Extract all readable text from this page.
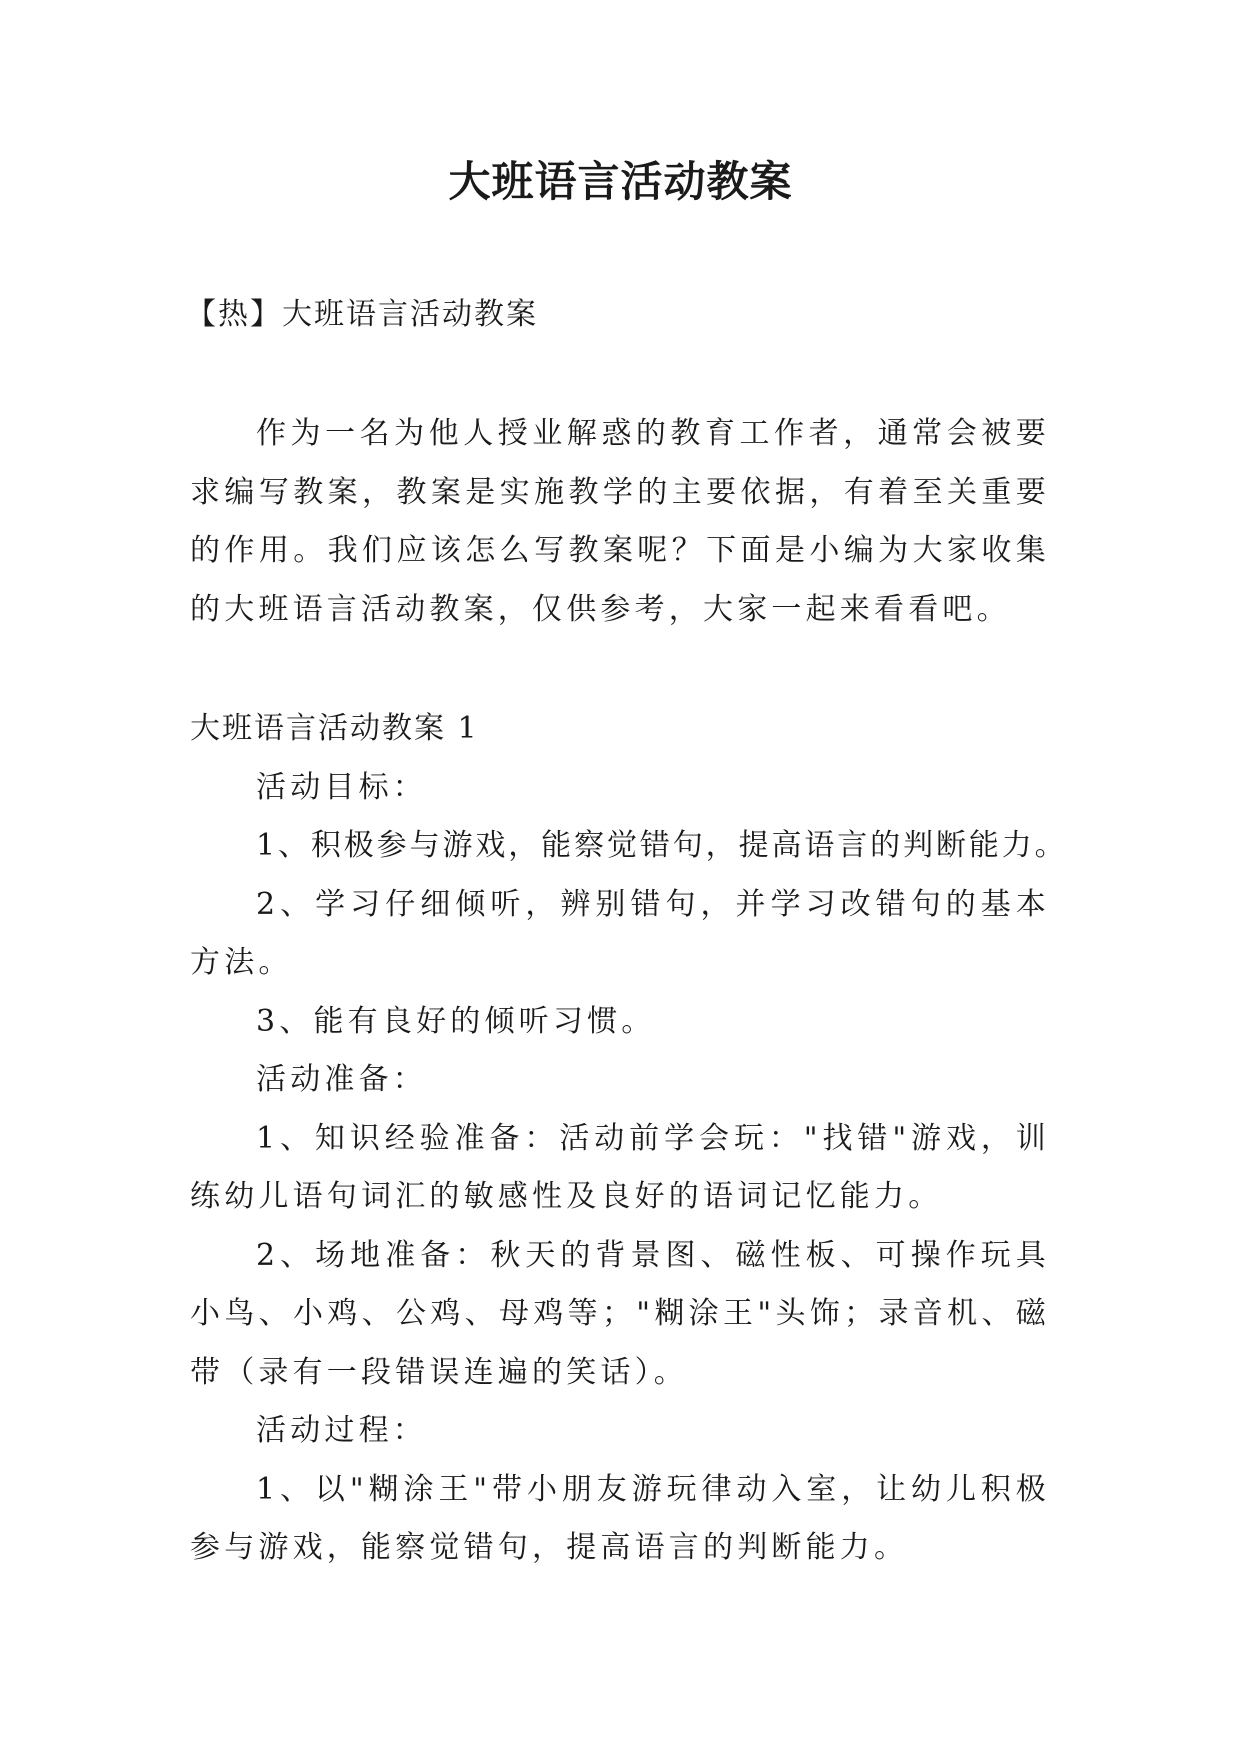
大班语言活动教案

【热】大班语言活动教案

作为一名为他人授业解惑的教育工作者，通常会被要求编写教案，教案是实施教学的主要依据，有着至关重要的作用。我们应该怎么写教案呢？下面是小编为大家收集的大班语言活动教案，仅供参考，大家一起来看看吧。

大班语言活动教案 1

活动目标：

1、积极参与游戏，能察觉错句，提高语言的判断能力。

2、学习仔细倾听，辨别错句，并学习改错句的基本方法。

3、能有良好的倾听习惯。

活动准备：

1、知识经验准备：活动前学会玩："找错"游戏，训练幼儿语句词汇的敏感性及良好的语词记忆能力。

2、场地准备：秋天的背景图、磁性板、可操作玩具小鸟、小鸡、公鸡、母鸡等；"糊涂王"头饰；录音机、磁带（录有一段错误连遍的笑话）。

活动过程：

1、以"糊涂王"带小朋友游玩律动入室，让幼儿积极参与游戏，能察觉错句，提高语言的判断能力。
